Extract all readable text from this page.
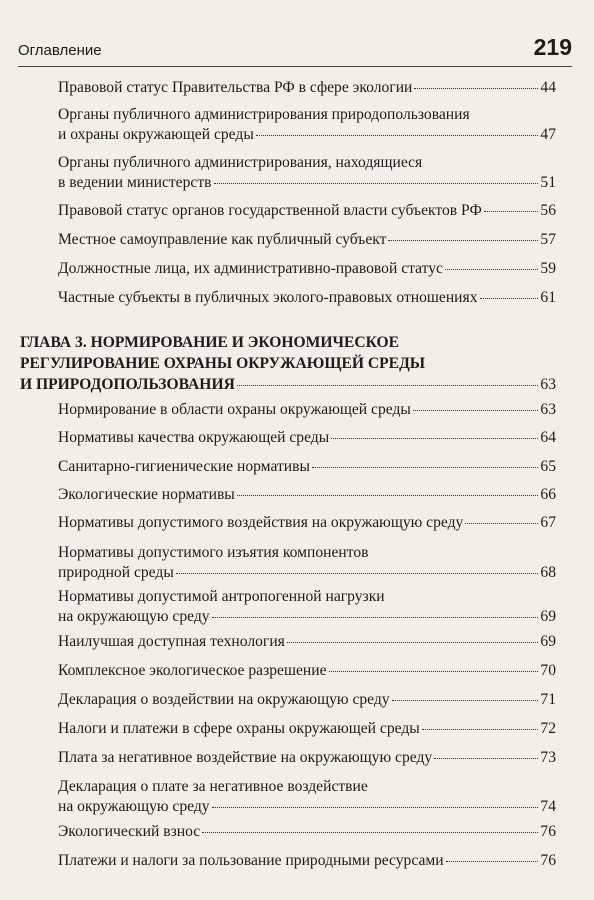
Оглавление	219
Правовой статус Правительства РФ в сфере экологии	44
Органы публичного администрирования природопользования
и охраны окружающей среды	47
Органы публичного администрирования, находящиеся
в ведении министерств	51
Правовой статус органов государственной власти субъектов РФ	56
Местное самоуправление как публичный субъект	57
Должностные лица, их административно-правовой статус	59
Частные субъекты в публичных эколого-правовых отношениях	61
ГЛАВА 3. НОРМИРОВАНИЕ И ЭКОНОМИЧЕСКОЕ
РЕГУЛИРОВАНИЕ ОХРАНЫ ОКРУЖАЮЩЕЙ СРЕДЫ
И ПРИРОДОПОЛЬЗОВАНИЯ	63
Нормирование в области охраны окружающей среды	63
Нормативы качества окружающей среды	64
Санитарно-гигиенические нормативы	65
Экологические нормативы	66
Нормативы допустимого воздействия на окружающую среду	67
Нормативы допустимого изъятия компонентов
природной среды	68
Нормативы допустимой антропогенной нагрузки
на окружающую среду	69
Наилучшая доступная технология	69
Комплексное экологическое разрешение	70
Декларация о воздействии на окружающую среду	71
Налоги и платежи в сфере охраны окружающей среды	72
Плата за негативное воздействие на окружающую среду	73
Декларация о плате за негативное воздействие
на окружающую среду	74
Экологический взнос	76
Платежи и налоги за пользование природными ресурсами	76
